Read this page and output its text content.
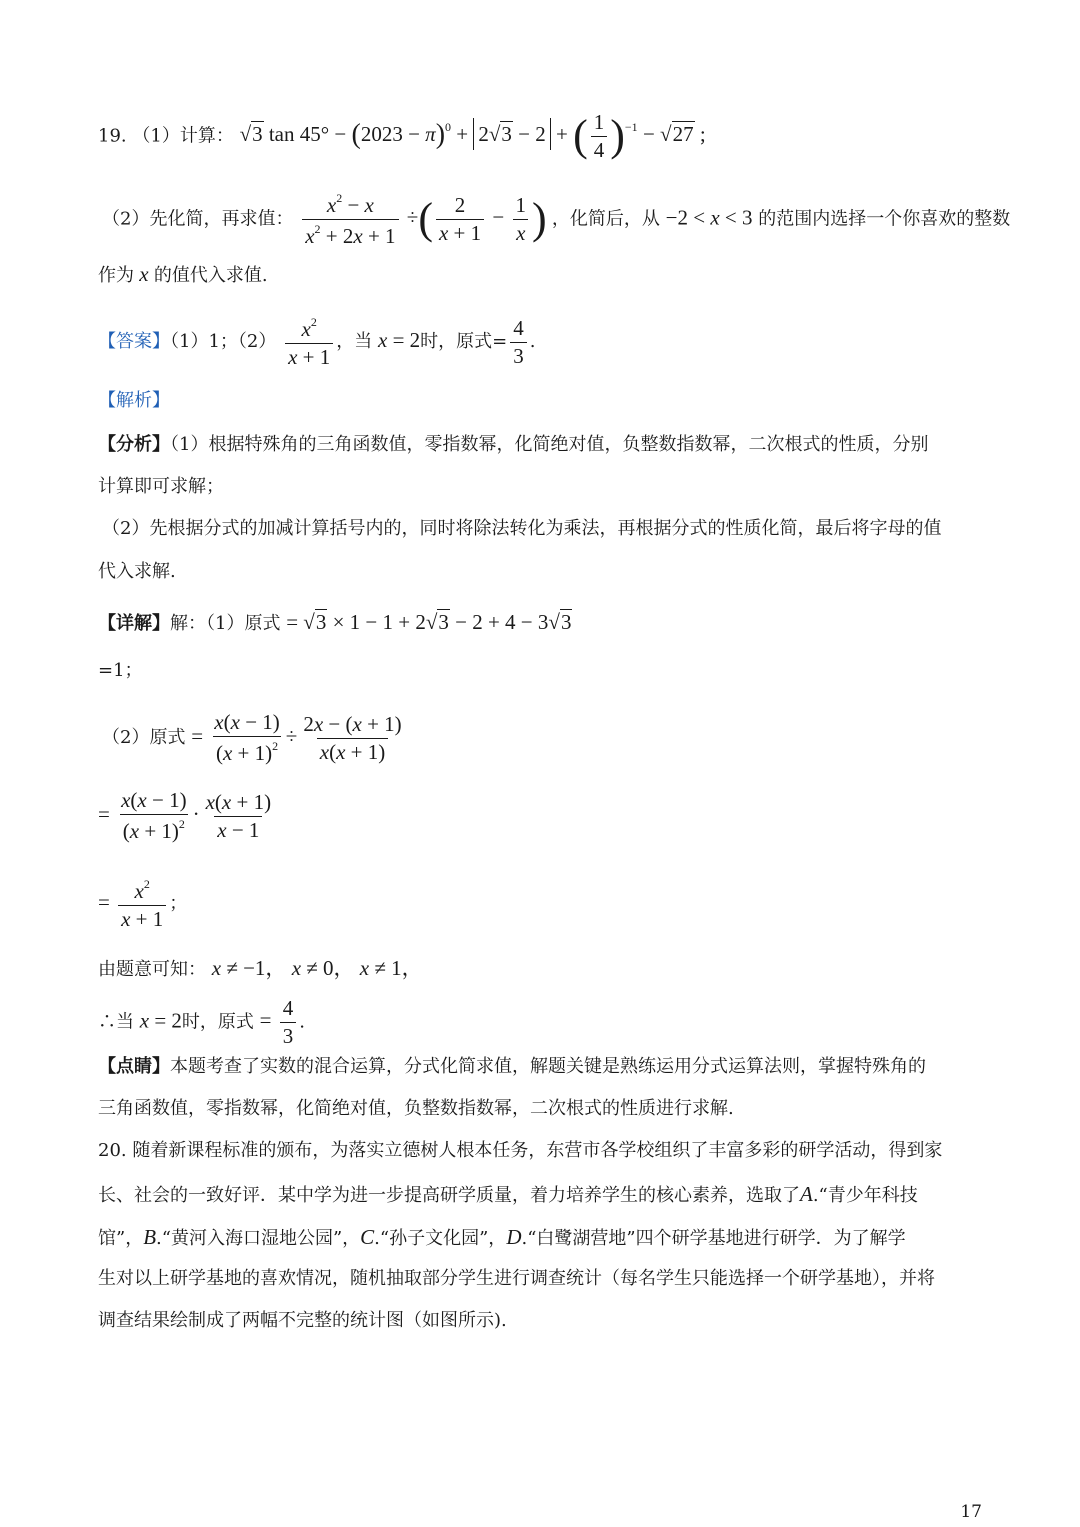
19. （1）计算： √3 $\tan 45^\circ - (2023 - \pi)^0 + 2√3 - 2$ + ( $\frac{1}{4} )^{-1} - √27$ ;
（2）先化简，再求值： $\frac{x^2 - x}{x^2 + 2x + 1}$ ÷( $\frac{2}{x + 1} - \frac{1}{x}$ ) ，化简后，从 −2 < x < 3 的范围内选择一个你喜欢的整数
作为 x 的值代入求值.
【答案】（1）1；$(2) \frac{x^2}{x + 1}$ ，当 x = 2时，原式= $\frac{4}{3}$ .
【解析】
【分析】（1）根据特殊角的三角函数值，零指数幂，化简绝对值，负整数指数幂，二次根式的性质，分别
计算即可求解；
（2）先根据分式的加减计算括号内的，同时将除法转化为乘法，再根据分式的性质化简，最后将字母的值
代入求解.
【详解】解：（1）原式 = √3 × 1 − 1 + 2√3 − 2 + 4 − 3√3
=1；
（2）原式 = $\frac{x(x - 1)}{(x + 1)^2} \div \frac{2x - (x + 1)}{x(x + 1)}$
= $\frac{x(x - 1)}{(x + 1)^2} \cdot \frac{x(x + 1)}{x - 1}$
= $\frac{x^2}{x + 1}$ ；
由题意可知： x ≠ −1， x ≠ 0， x ≠ 1，
∴当 x = 2时，原式 = $\frac{4}{3}$ .
【点睛】本题考查了实数的混合运算，分式化简求值，解题关键是熟练运用分式运算法则，掌握特殊角的
三角函数值，零指数幂，化简绝对值，负整数指数幂，二次根式的性质进行求解.
20. 随着新课程标准的颁布，为落实立德树人根本任务，东营市各学校组织了丰富多彩的研学活动，得到家
长、社会的一致好评．某中学为进一步提高研学质量，着力培养学生的核心素养，选取了A.“青少年科技
馆”，B.“黄河入海口湿地公园”，C.“孙子文化园”，D.“白鹭湖营地”四个研学基地进行研学．为了解学
生对以上研学基地的喜欢情况，随机抽取部分学生进行调查统计（每名学生只能选择一个研学基地），并将
调查结果绘制成了两幅不完整的统计图（如图所示).
17
